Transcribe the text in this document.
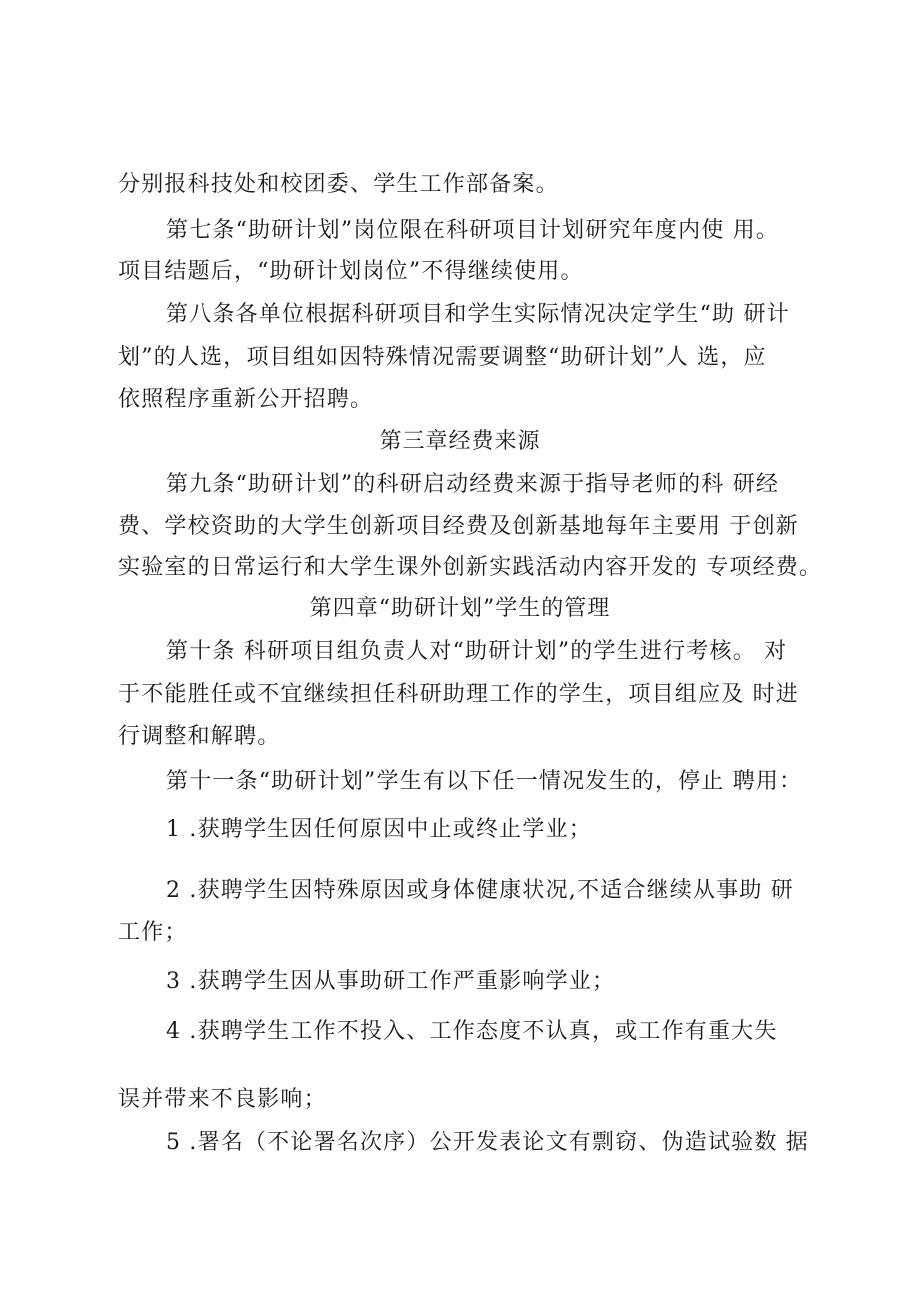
分别报科技处和校团委、学生工作部备案。
第七条“助研计划”岗位限在科研项目计划研究年度内使 用。
项目结题后，“助研计划岗位”不得继续使用。
第八条各单位根据科研项目和学生实际情况决定学生“助 研计
划”的人选，项目组如因特殊情况需要调整“助研计划”人 选，应
依照程序重新公开招聘。
第三章经费来源
第九条“助研计划”的科研启动经费来源于指导老师的科 研经
费、学校资助的大学生创新项目经费及创新基地每年主要用 于创新
实验室的日常运行和大学生课外创新实践活动内容开发的 专项经费。
第四章“助研计划”学生的管理
第十条 科研项目组负责人对“助研计划”的学生进行考核。 对
于不能胜任或不宜继续担任科研助理工作的学生，项目组应及 时进
行调整和解聘。
第十一条“助研计划”学生有以下任一情况发生的，停止 聘用：
1 .获聘学生因任何原因中止或终止学业；
2 .获聘学生因特殊原因或身体健康状况,不适合继续从事助 研
工作；
3 .获聘学生因从事助研工作严重影响学业；
4 .获聘学生工作不投入、工作态度不认真，或工作有重大失
误并带来不良影响；
5 .署名（不论署名次序）公开发表论文有剽窃、伪造试验数 据
